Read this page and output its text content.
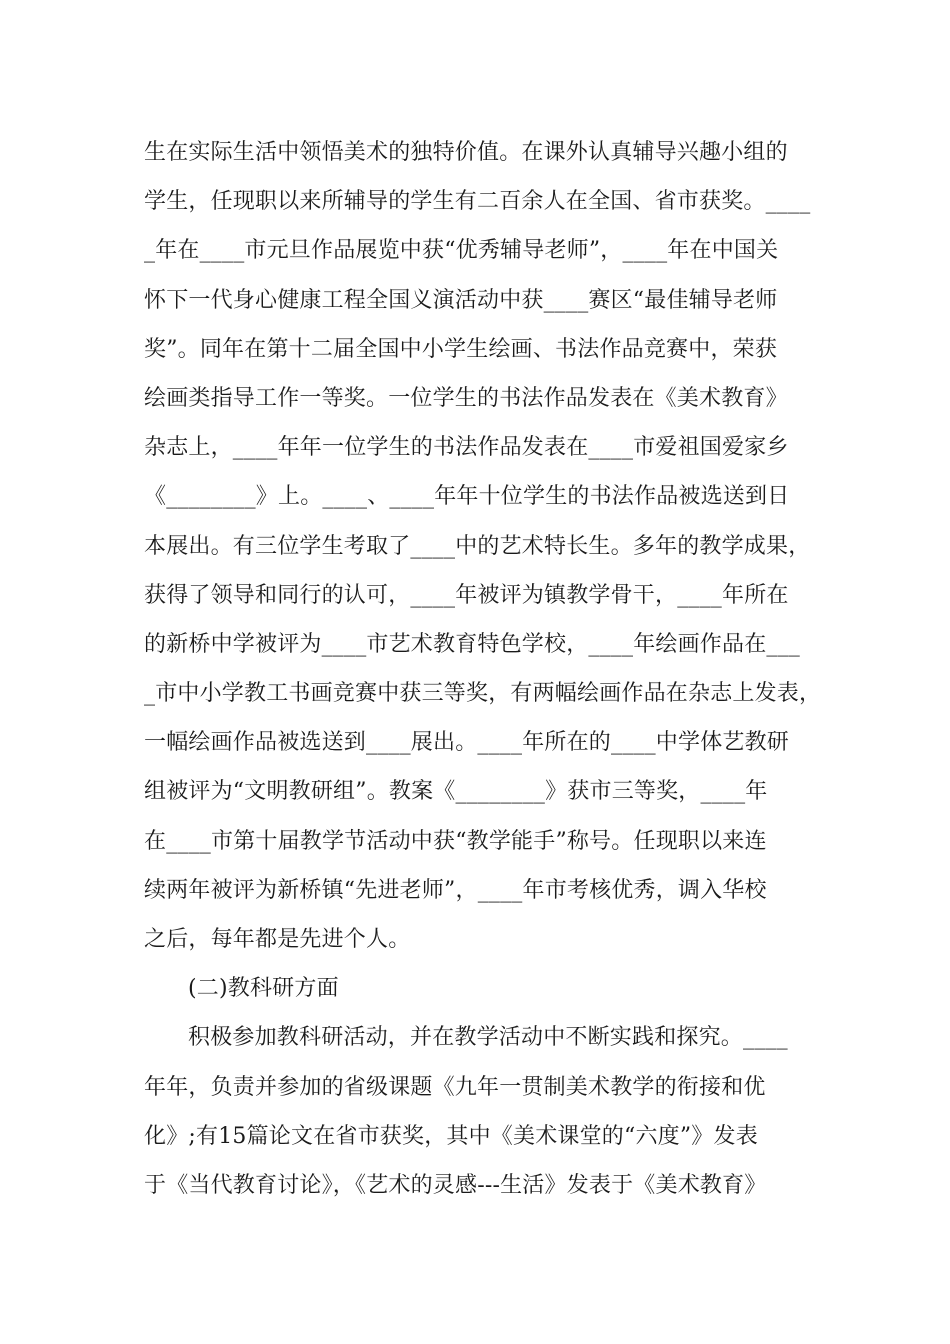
生在实际生活中领悟美术的独特价值。在课外认真辅导兴趣小组的
学生，任现职以来所辅导的学生有二百余人在全国、省市获奖。____
_年在____市元旦作品展览中获“优秀辅导老师”，____年在中国关
怀下一代身心健康工程全国义演活动中获____赛区“最佳辅导老师
奖”。同年在第十二届全国中小学生绘画、书法作品竞赛中，荣获
绘画类指导工作一等奖。一位学生的书法作品发表在《美术教育》
杂志上，____年年一位学生的书法作品发表在____市爱祖国爱家乡
《________》上。____、____年年十位学生的书法作品被选送到日
本展出。有三位学生考取了____中的艺术特长生。多年的教学成果，
获得了领导和同行的认可，____年被评为镇教学骨干，____年所在
的新桥中学被评为____市艺术教育特色学校，____年绘画作品在___
_市中小学教工书画竞赛中获三等奖，有两幅绘画作品在杂志上发表，
一幅绘画作品被选送到____展出。____年所在的____中学体艺教研
组被评为“文明教研组”。教案《________》获市三等奖，____年
在____市第十届教学节活动中获“教学能手”称号。任现职以来连
续两年被评为新桥镇“先进老师”，____年市考核优秀，调入华校
之后，每年都是先进个人。
(二)教科研方面
积极参加教科研活动，并在教学活动中不断实践和探究。____
年年，负责并参加的省级课题《九年一贯制美术教学的衔接和优
化》;有15篇论文在省市获奖，其中《美术课堂的“六度”》发表
于《当代教育讨论》，《艺术的灵感---生活》发表于《美术教育》
